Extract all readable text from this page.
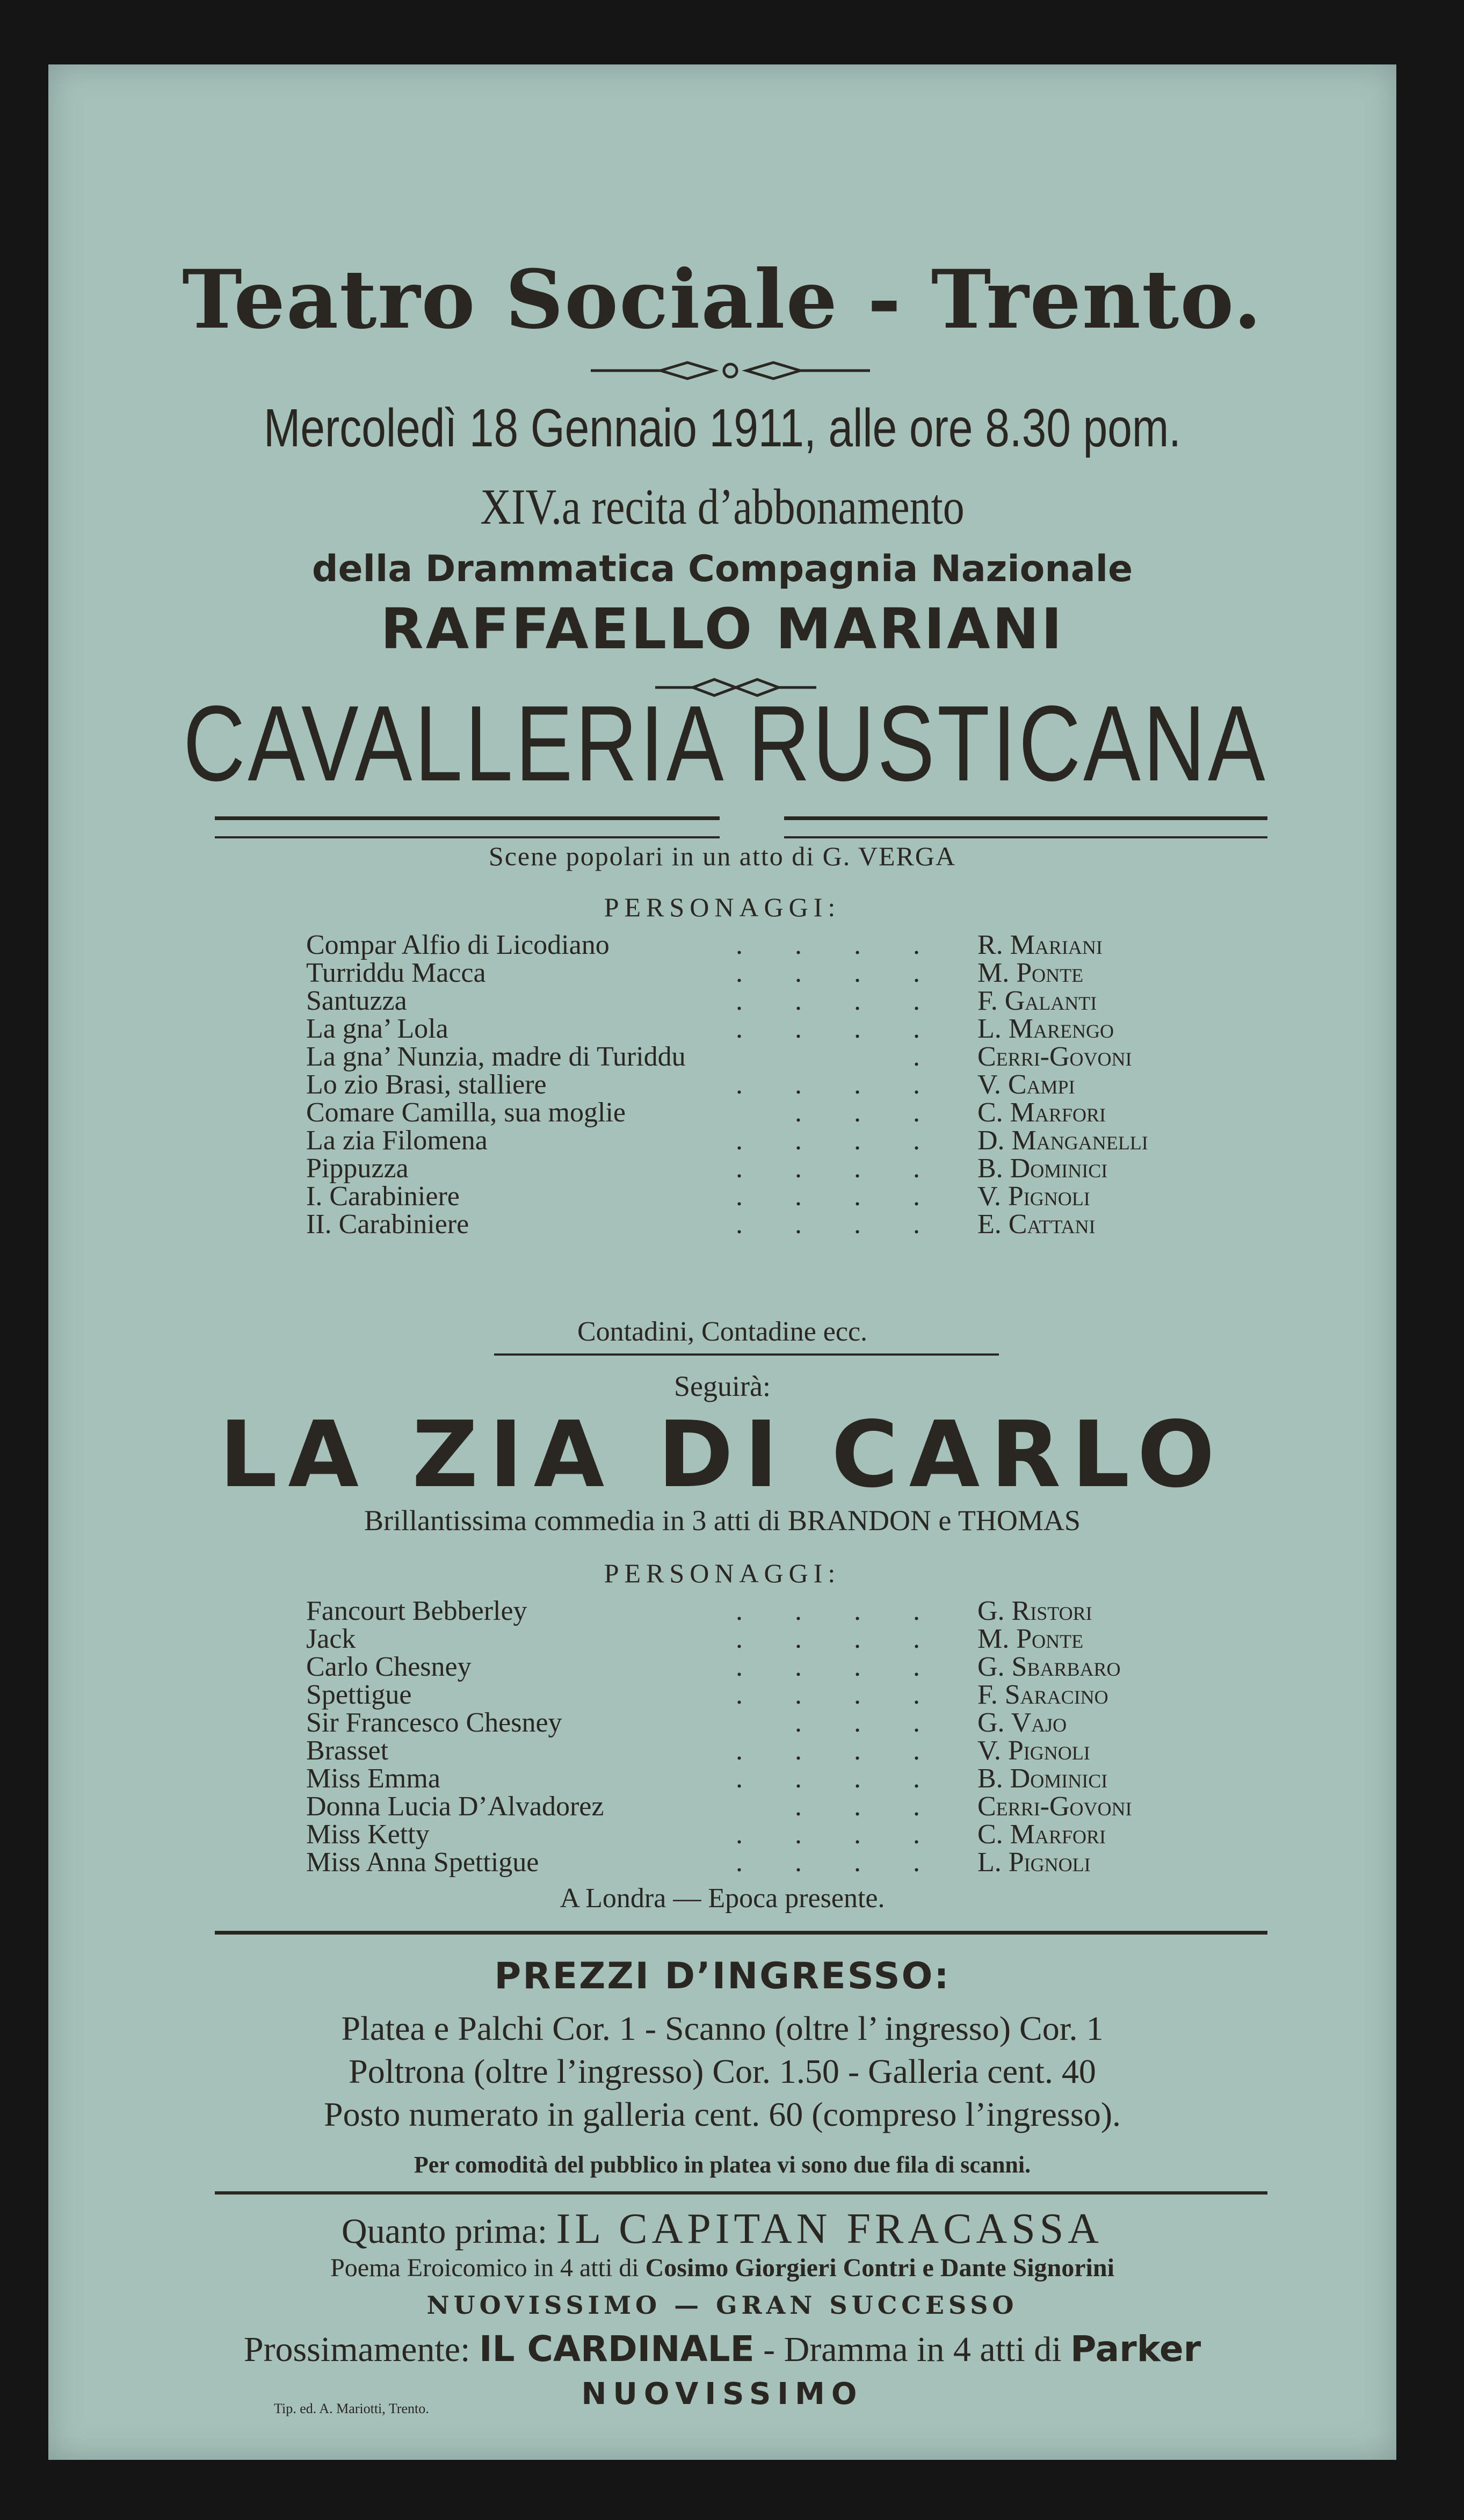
Teatro Sociale - Trento.
Mercoledì 18 Gennaio 1911, alle ore 8.30 pom.
XIV.a recita d’abbonamento
della Drammatica Compagnia Nazionale
RAFFAELLO MARIANI
CAVALLERIA RUSTICANA
Scene popolari in un atto di G. VERGA
PERSONAGGI:
Compar Alfio di Licodiano	. . . .	R. Mariani
Turriddu Macca	. . . .	M. Ponte
Santuzza	. . . .	F. Galanti
La gna’ Lola	. . . .	L. Marengo
La gna’ Nunzia, madre di Turiddu	.	Cerri-Govoni
Lo zio Brasi, stalliere	. . . .	V. Campi
Comare Camilla, sua moglie	. . .	C. Marfori
La zia Filomena	. . . .	D. Manganelli
Pippuzza	. . . .	B. Dominici
I. Carabiniere	. . . .	V. Pignoli
II. Carabiniere	. . . .	E. Cattani
Contadini, Contadine ecc.
Seguirà:
LA ZIA DI CARLO
Brillantissima commedia in 3 atti di BRANDON e THOMAS
PERSONAGGI:
Fancourt Bebberley	. . . .	G. Ristori
Jack	. . . .	M. Ponte
Carlo Chesney	. . . .	G. Sbarbaro
Spettigue	. . . .	F. Saracino
Sir Francesco Chesney	. . .	G. Vajo
Brasset	. . . .	V. Pignoli
Miss Emma	. . . .	B. Dominici
Donna Lucia D’Alvadorez	. . .	Cerri-Govoni
Miss Ketty	. . . .	C. Marfori
Miss Anna Spettigue	. . . .	L. Pignoli
A Londra — Epoca presente.
PREZZI D’INGRESSO:
Platea e Palchi Cor. 1 - Scanno (oltre l’ ingresso) Cor. 1
Poltrona (oltre l’ingresso) Cor. 1.50 - Galleria cent. 40
Posto numerato in galleria cent. 60 (compreso l’ingresso).
Per comodità del pubblico in platea vi sono due fila di scanni.
Quanto prima: IL CAPITAN FRACASSA
Poema Eroicomico in 4 atti di Cosimo Giorgieri Contri e Dante Signorini
NUOVISSIMO — GRAN SUCCESSO
Prossimamente: IL CARDINALE - Dramma in 4 atti di Parker
NUOVISSIMO
Tip. ed. A. Mariotti, Trento.
